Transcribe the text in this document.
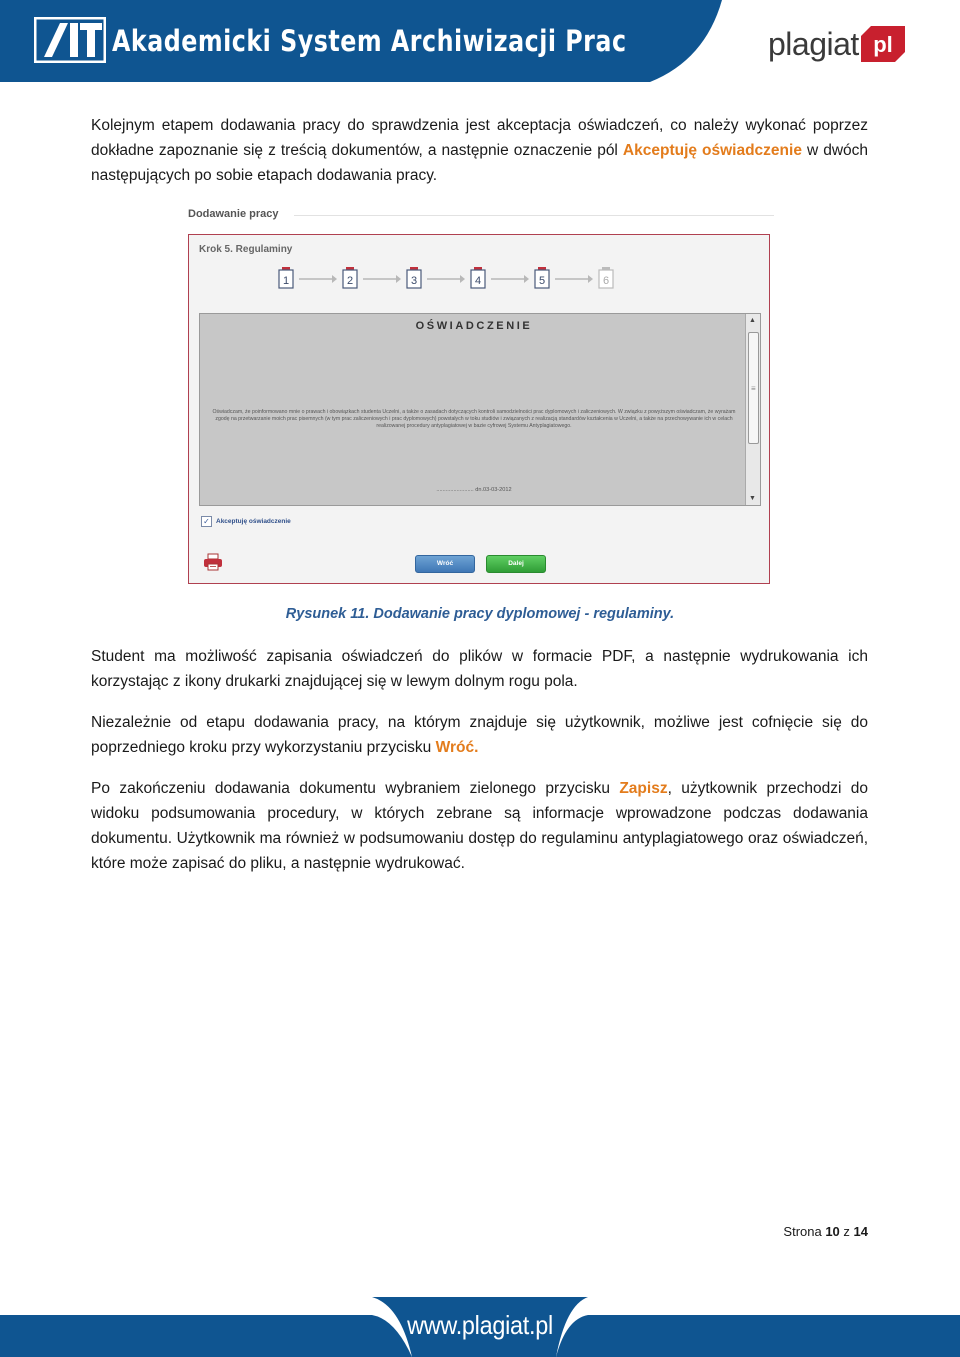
Akademicki System Archiwizacji Prac	plagiat pl
Kolejnym etapem dodawania pracy do sprawdzenia jest akceptacja oświadczeń, co należy wykonać poprzez dokładne zapoznanie się z treścią dokumentów, a następnie oznaczenie pól Akceptuję oświadczenie w dwóch następujących po sobie etapach dodawania pracy.
Dodawanie pracy
Krok 5. Regulaminy
1	2	3	4	5	6
OŚWIADCZENIE
Oświadczam, że poinformowano mnie o prawach i obowiązkach studenta Uczelni, a także o zasadach dotyczących kontroli samodzielności prac dyplomowych i zaliczeniowych. W związku z powyższym oświadczam, że wyrażam zgodę na przetwarzanie moich prac pisemnych (w tym prac zaliczeniowych i prac dyplomowych) powstałych w toku studiów i związanych z realizacją standardów kształcenia w Uczelni, a także na przechowywanie ich w celach realizowanej procedury antyplagiatowej w bazie cyfrowej Systemu Antyplagiatowego.
........................ dn.03-03-2012
▲
≡
▼
✓ Akceptuję oświadczenie
Wróć	Dalej
Rysunek 11. Dodawanie pracy dyplomowej - regulaminy.
Student ma możliwość zapisania oświadczeń do plików w formacie PDF, a następnie wydrukowania ich korzystając z ikony drukarki znajdującej się w lewym dolnym rogu pola.
Niezależnie od etapu dodawania pracy, na którym znajduje się użytkownik, możliwe jest cofnięcie się do poprzedniego kroku przy wykorzystaniu przycisku Wróć.
Po zakończeniu dodawania dokumentu wybraniem zielonego przycisku Zapisz, użytkownik przechodzi do widoku podsumowania procedury, w których zebrane są informacje wprowadzone podczas dodawania dokumentu. Użytkownik ma również w podsumowaniu dostęp do regulaminu antyplagiatowego oraz oświadczeń, które może zapisać do pliku, a następnie wydrukować.
Strona 10 z 14
www.plagiat.pl
